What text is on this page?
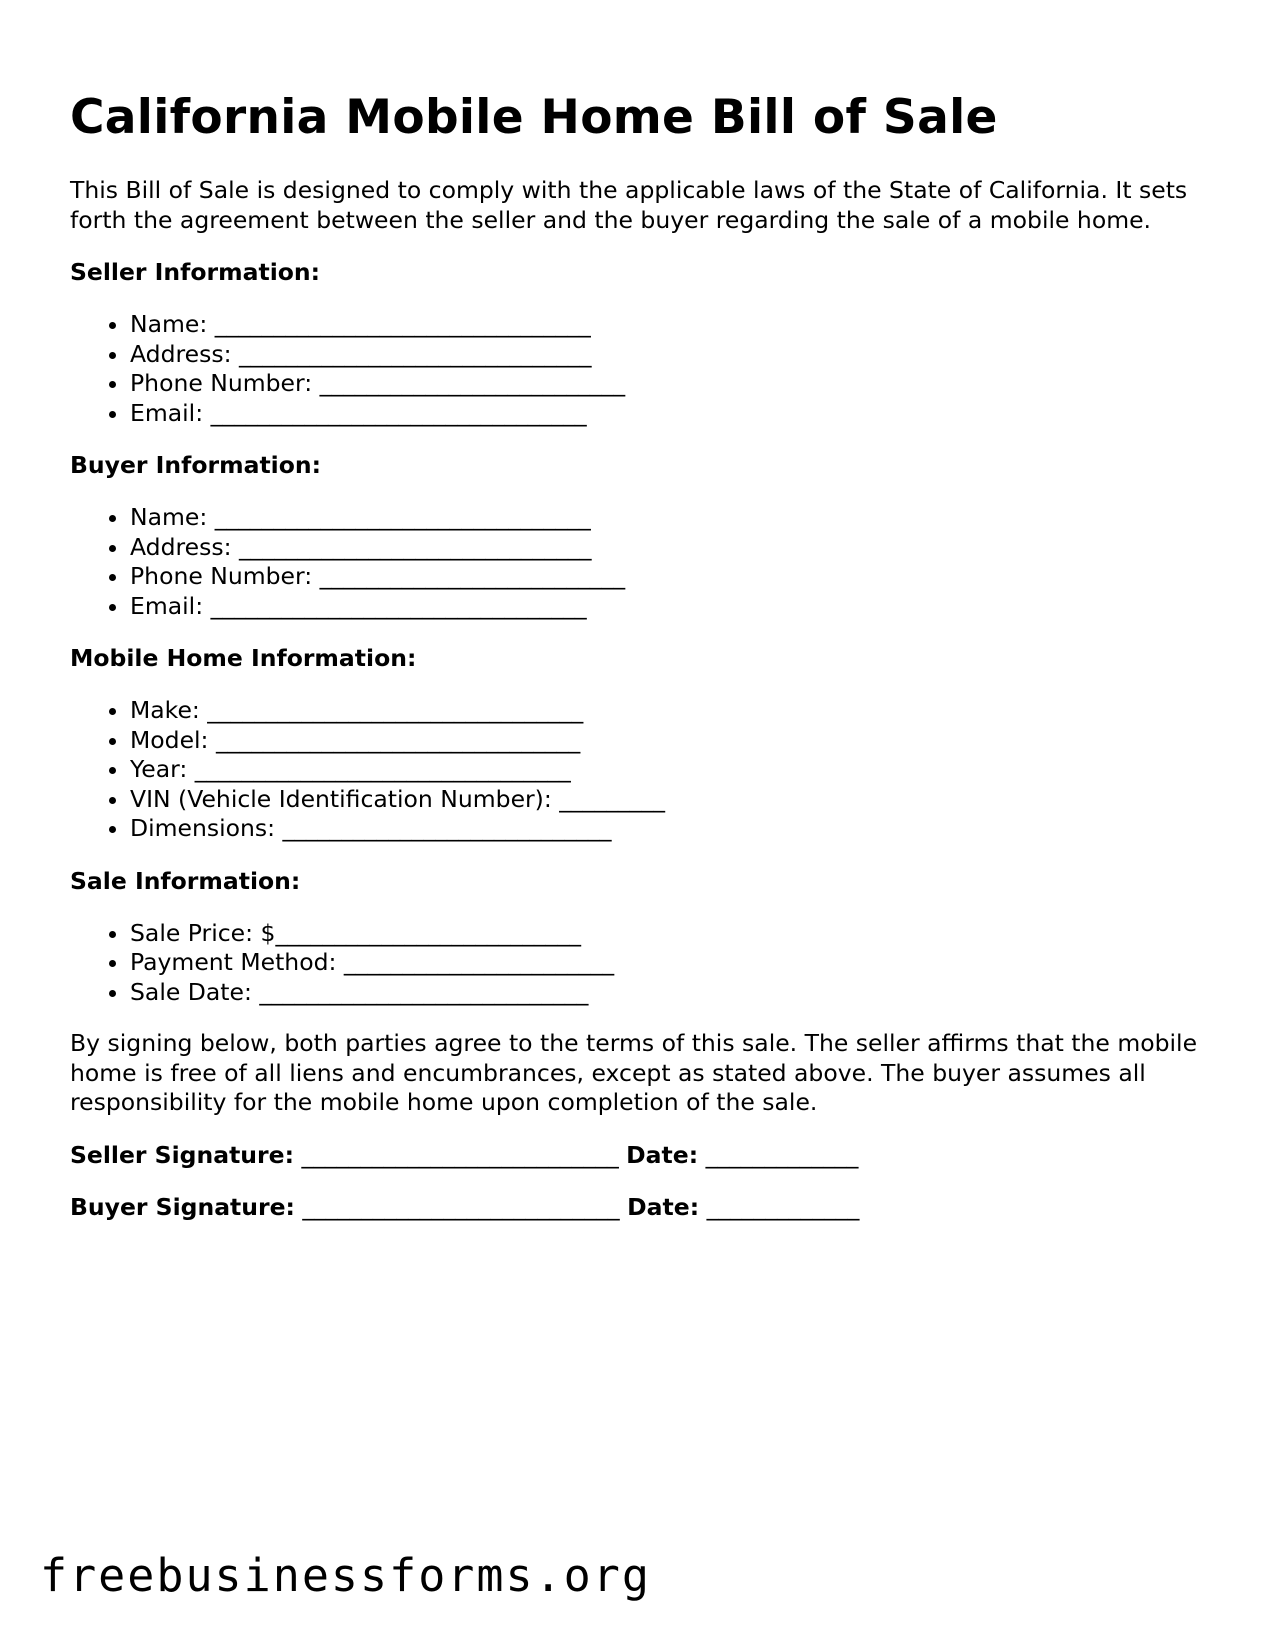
California Mobile Home Bill of Sale

This Bill of Sale is designed to comply with the applicable laws of the State of California. It sets forth the agreement between the seller and the buyer regarding the sale of a mobile home.

Seller Information:
• Name: ________________________________
• Address: ______________________________
• Phone Number: __________________________
• Email: ________________________________
Buyer Information:
• Name: ________________________________
• Address: ______________________________
• Phone Number: __________________________
• Email: ________________________________
Mobile Home Information:
• Make: ________________________________
• Model: _______________________________
• Year: ________________________________
• VIN (Vehicle Identification Number): _________
• Dimensions: ____________________________
Sale Information:
• Sale Price: $__________________________
• Payment Method: _______________________
• Sale Date: ____________________________

By signing below, both parties agree to the terms of this sale. The seller affirms that the mobile home is free of all liens and encumbrances, except as stated above. The buyer assumes all responsibility for the mobile home upon completion of the sale.

Seller Signature: ___________________________ Date: _____________
Buyer Signature: ___________________________ Date: _____________
freebusinessforms.org
